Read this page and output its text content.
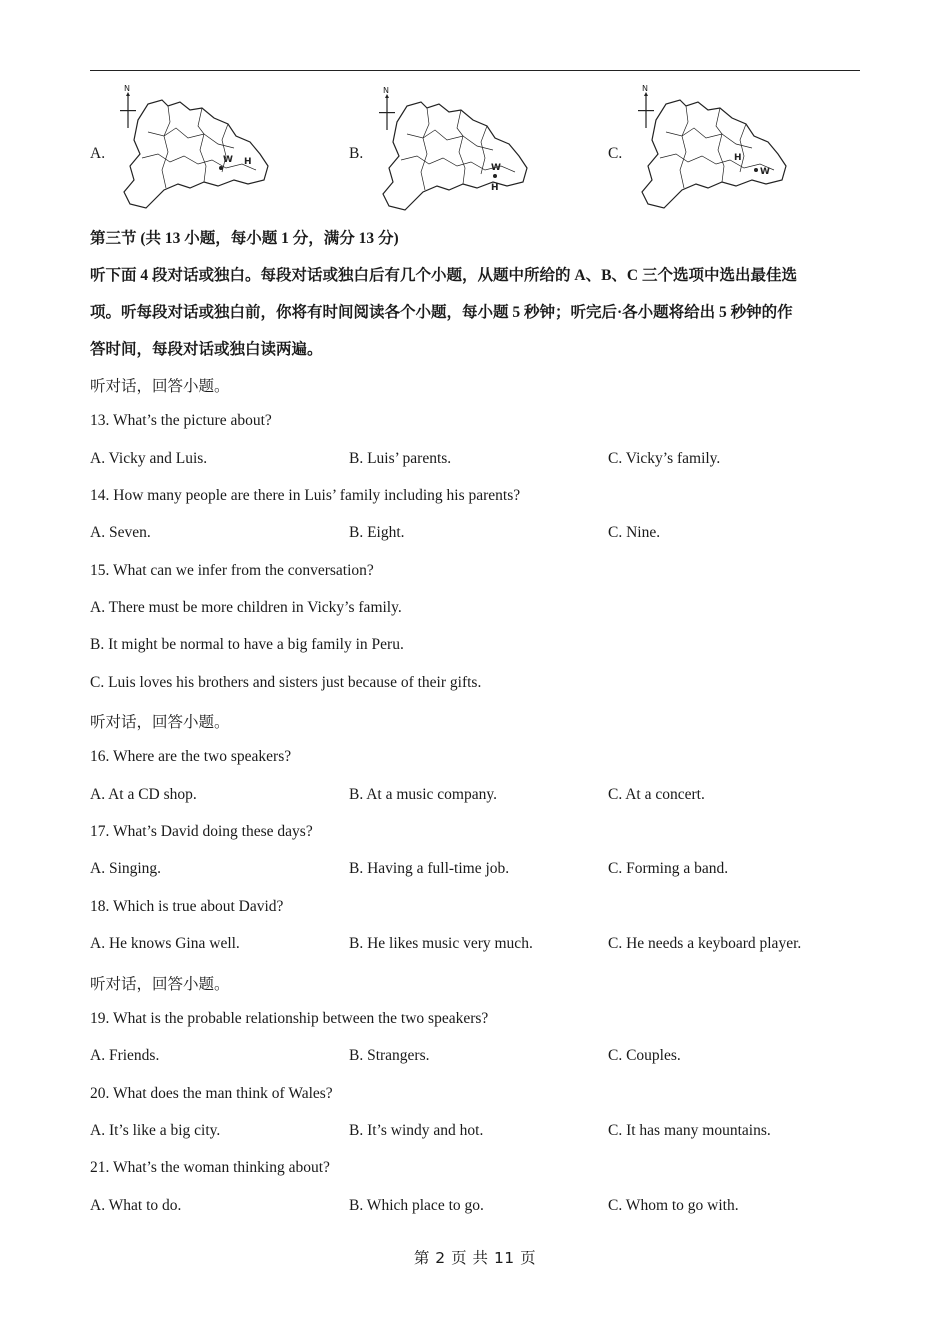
A.
N
W H	B.
N
W
H
C.
N
H
W
第三节 (共 13 小题，每小题 1 分，满分 13 分)
听下面 4 段对话或独白。每段对话或独白后有几个小题，从题中所给的 A、B、C 三个选项中选出最佳选
项。听每段对话或独白前，你将有时间阅读各个小题，每小题 5 秒钟；听完后·各小题将给出 5 秒钟的作
答时间，每段对话或独白读两遍。
听对话，回答小题。
13. What’s the picture about?
A. Vicky and Luis.	B. Luis’ parents.	C. Vicky’s family.
14. How many people are there in Luis’ family including his parents?
A. Seven.	B. Eight.	C. Nine.
15. What can we infer from the conversation?
A. There must be more children in Vicky’s family.
B. It might be normal to have a big family in Peru.
C. Luis loves his brothers and sisters just because of their gifts.
听对话，回答小题。
16. Where are the two speakers?
A. At a CD shop.	B. At a music company.	C. At a concert.
17. What’s David doing these days?
A. Singing.	B. Having a full-time job.	C. Forming a band.
18. Which is true about David?
A. He knows Gina well.	B. He likes music very much.	C. He needs a keyboard player.
听对话，回答小题。
19. What is the probable relationship between the two speakers?
A. Friends.	B. Strangers.	C. Couples.
20. What does the man think of Wales?
A. It’s like a big city.	B. It’s windy and hot.	C. It has many mountains.
21. What’s the woman thinking about?
A. What to do.	B. Which place to go.	C. Whom to go with.
第 2 页 共 11 页
